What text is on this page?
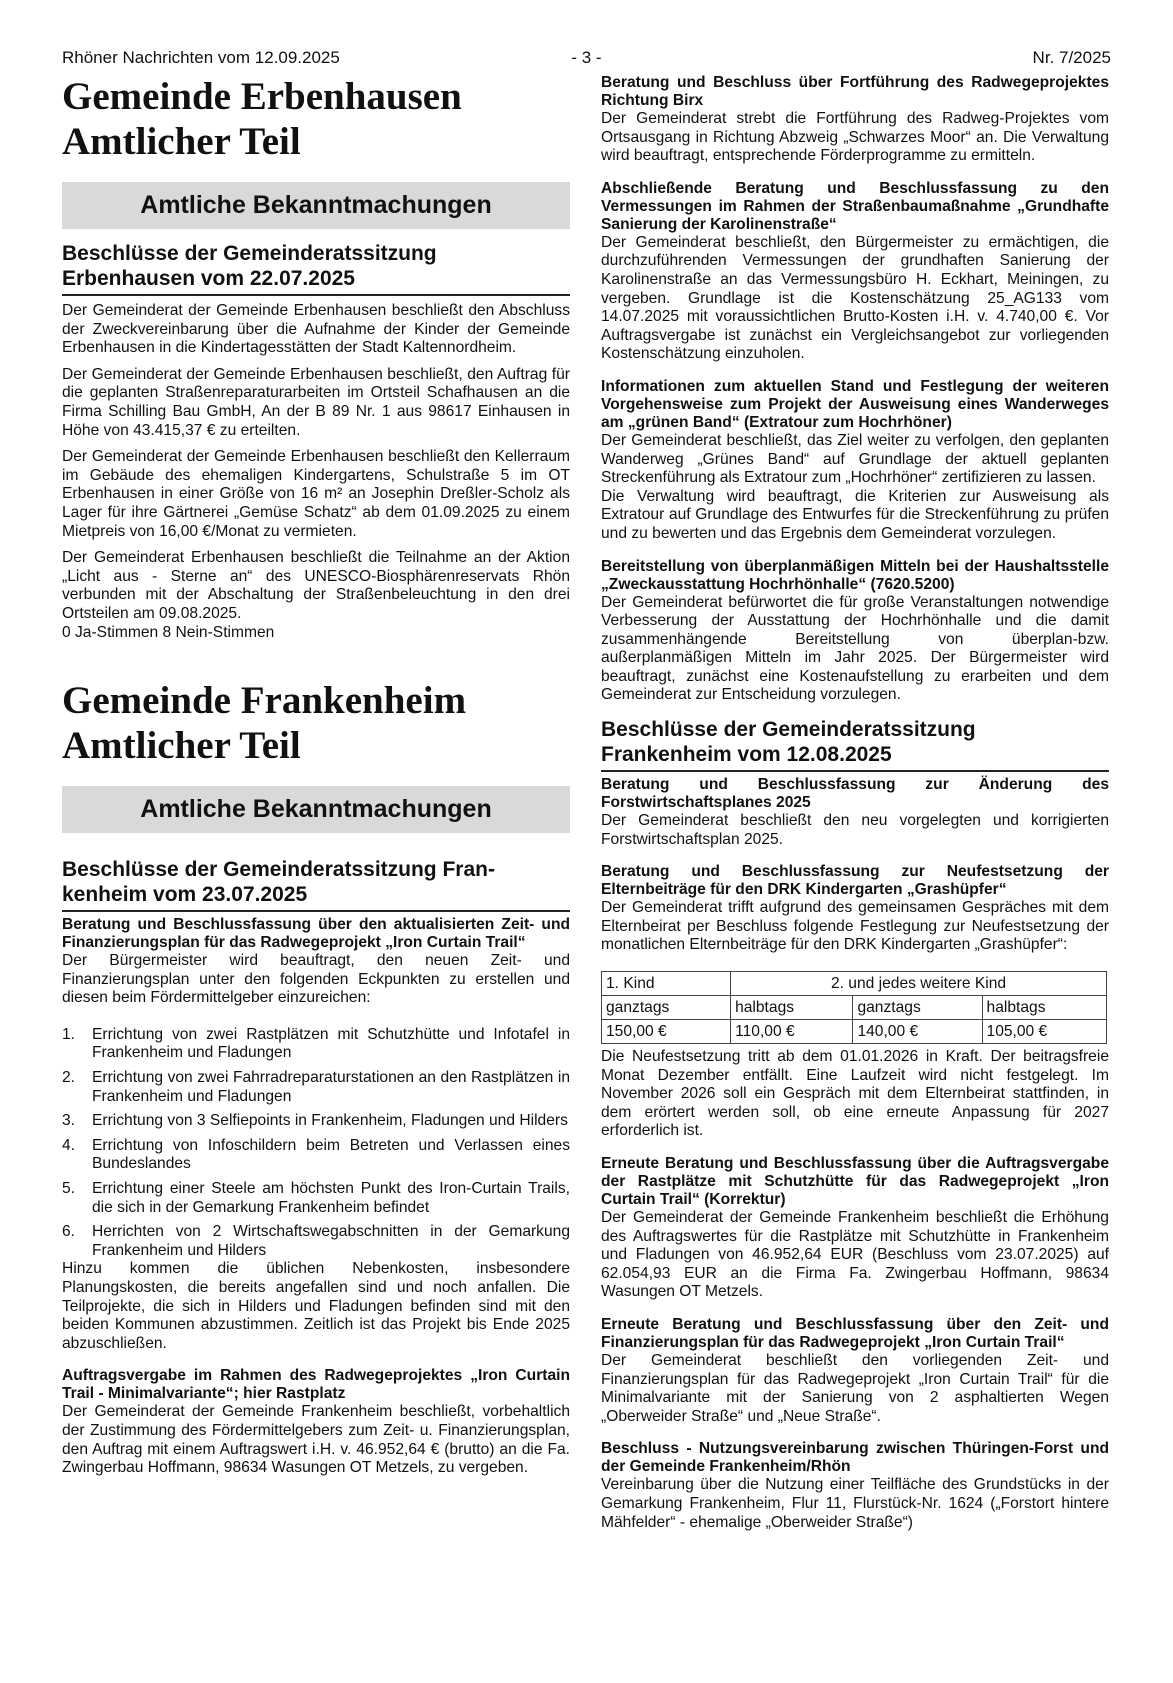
Rhöner Nachrichten vom 12.09.2025	- 3 -	Nr. 7/2025
Gemeinde Erbenhausen
Amtlicher Teil
Amtliche Bekanntmachungen
Beschlüsse der Gemeinderatssitzung
Erbenhausen vom 22.07.2025

Der Gemeinderat der Gemeinde Erbenhausen beschließt den Abschluss der Zweckvereinbarung über die Aufnahme der Kinder der Gemeinde Erbenhausen in die Kindertagesstätten der Stadt Kaltennordheim.

Der Gemeinderat der Gemeinde Erbenhausen beschließt, den Auftrag für die geplanten Straßenreparaturarbeiten im Ortsteil Schafhausen an die Firma Schilling Bau GmbH, An der B 89 Nr. 1 aus 98617 Einhausen in Höhe von 43.415,37 € zu erteilten.

Der Gemeinderat der Gemeinde Erbenhausen beschließt den Kellerraum im Gebäude des ehemaligen Kindergartens, Schulstraße 5 im OT Erbenhausen in einer Größe von 16 m² an Josephin Dreßler-Scholz als Lager für ihre Gärtnerei „Gemüse Schatz“ ab dem 01.09.2025 zu einem Mietpreis von 16,00 €/Monat zu vermieten.

Der Gemeinderat Erbenhausen beschließt die Teilnahme an der Aktion „Licht aus - Sterne an“ des UNESCO-Biosphärenreservats Rhön verbunden mit der Abschaltung der Straßenbeleuchtung in den drei Ortsteilen am 09.08.2025.

0 Ja-Stimmen 8 Nein-Stimmen

Gemeinde Frankenheim
Amtlicher Teil
Amtliche Bekanntmachungen
Beschlüsse der Gemeinderatssitzung Fran-
kenheim vom 23.07.2025

Beratung und Beschlussfassung über den aktualisierten Zeit- und Finanzierungsplan für das Radwegeprojekt „Iron Curtain Trail“

Der Bürgermeister wird beauftragt, den neuen Zeit- und Finanzierungsplan unter den folgenden Eckpunkten zu erstellen und diesen beim Fördermittelgeber einzureichen:

1. Errichtung von zwei Rastplätzen mit Schutzhütte und Infotafel in Frankenheim und Fladungen
2. Errichtung von zwei Fahrradreparaturstationen an den Rastplätzen in Frankenheim und Fladungen
3. Errichtung von 3 Selfiepoints in Frankenheim, Fladungen und Hilders
4. Errichtung von Infoschildern beim Betreten und Verlassen eines Bundeslandes
5. Errichtung einer Steele am höchsten Punkt des Iron-Curtain Trails, die sich in der Gemarkung Frankenheim befindet
6. Herrichten von 2 Wirtschaftswegabschnitten in der Gemarkung Frankenheim und Hilders

Hinzu kommen die üblichen Nebenkosten, insbesondere Planungskosten, die bereits angefallen sind und noch anfallen. Die Teilprojekte, die sich in Hilders und Fladungen befinden sind mit den beiden Kommunen abzustimmen. Zeitlich ist das Projekt bis Ende 2025 abzuschließen.

Auftragsvergabe im Rahmen des Radwegeprojektes „Iron Curtain Trail - Minimalvariante“; hier Rastplatz

Der Gemeinderat der Gemeinde Frankenheim beschließt, vorbehaltlich der Zustimmung des Fördermittelgebers zum Zeit- u. Finanzierungsplan, den Auftrag mit einem Auftragswert i.H. v. 46.952,64 € (brutto) an die Fa. Zwingerbau Hoffmann, 98634 Wasungen OT Metzels, zu vergeben.

Beratung und Beschluss über Fortführung des Radwegeprojektes Richtung Birx

Der Gemeinderat strebt die Fortführung des Radweg-Projektes vom Ortsausgang in Richtung Abzweig „Schwarzes Moor“ an. Die Verwaltung wird beauftragt, entsprechende Förderprogramme zu ermitteln.

Abschließende Beratung und Beschlussfassung zu den Vermessungen im Rahmen der Straßenbaumaßnahme „Grundhafte Sanierung der Karolinenstraße“

Der Gemeinderat beschließt, den Bürgermeister zu ermächtigen, die durchzuführenden Vermessungen der grundhaften Sanierung der Karolinenstraße an das Vermessungsbüro H. Eckhart, Meiningen, zu vergeben. Grundlage ist die Kostenschätzung 25_AG133 vom 14.07.2025 mit voraussichtlichen Brutto-Kosten i.H. v. 4.740,00 €. Vor Auftragsvergabe ist zunächst ein Vergleichsangebot zur vorliegenden Kostenschätzung einzuholen.

Informationen zum aktuellen Stand und Festlegung der weiteren Vorgehensweise zum Projekt der Ausweisung eines Wanderweges am „grünen Band“ (Extratour zum Hochrhöner)

Der Gemeinderat beschließt, das Ziel weiter zu verfolgen, den geplanten Wanderweg „Grünes Band“ auf Grundlage der aktuell geplanten Streckenführung als Extratour zum „Hochrhöner“ zertifizieren zu lassen.

Die Verwaltung wird beauftragt, die Kriterien zur Ausweisung als Extratour auf Grundlage des Entwurfes für die Streckenführung zu prüfen und zu bewerten und das Ergebnis dem Gemeinderat vorzulegen.

Bereitstellung von überplanmäßigen Mitteln bei der Haushaltsstelle „Zweckausstattung Hochrhönhalle“ (7620.5200)

Der Gemeinderat befürwortet die für große Veranstaltungen notwendige Verbesserung der Ausstattung der Hochrhönhalle und die damit zusammenhängende Bereitstellung von überplan-bzw. außerplanmäßigen Mitteln im Jahr 2025. Der Bürgermeister wird beauftragt, zunächst eine Kostenaufstellung zu erarbeiten und dem Gemeinderat zur Entscheidung vorzulegen.

Beschlüsse der Gemeinderatssitzung
Frankenheim vom 12.08.2025

Beratung und Beschlussfassung zur Änderung des Forstwirtschaftsplanes 2025

Der Gemeinderat beschließt den neu vorgelegten und korrigierten Forstwirtschaftsplan 2025.

Beratung und Beschlussfassung zur Neufestsetzung der Elternbeiträge für den DRK Kindergarten „Grashüpfer“

Der Gemeinderat trifft aufgrund des gemeinsamen Gespräches mit dem Elternbeirat per Beschluss folgende Festlegung zur Neufestsetzung der monatlichen Elternbeiträge für den DRK Kindergarten „Grashüpfer“:

1. Kind	2. und jedes weitere Kind		
ganztags	halbtags	ganztags	halbtags
150,00 €	110,00 €	140,00 €	105,00 €

Die Neufestsetzung tritt ab dem 01.01.2026 in Kraft. Der beitragsfreie Monat Dezember entfällt. Eine Laufzeit wird nicht festgelegt. Im November 2026 soll ein Gespräch mit dem Elternbeirat stattfinden, in dem erörtert werden soll, ob eine erneute Anpassung für 2027 erforderlich ist.

Erneute Beratung und Beschlussfassung über die Auftragsvergabe der Rastplätze mit Schutzhütte für das Radwegeprojekt „Iron Curtain Trail“ (Korrektur)

Der Gemeinderat der Gemeinde Frankenheim beschließt die Erhöhung des Auftragswertes für die Rastplätze mit Schutzhütte in Frankenheim und Fladungen von 46.952,64 EUR (Beschluss vom 23.07.2025) auf 62.054,93 EUR an die Firma Fa. Zwingerbau Hoffmann, 98634 Wasungen OT Metzels.

Erneute Beratung und Beschlussfassung über den Zeit- und Finanzierungsplan für das Radwegeprojekt „Iron Curtain Trail“

Der Gemeinderat beschließt den vorliegenden Zeit- und Finanzierungsplan für das Radwegeprojekt „Iron Curtain Trail“ für die Minimalvariante mit der Sanierung von 2 asphaltierten Wegen „Oberweider Straße“ und „Neue Straße“.

Beschluss - Nutzungsvereinbarung zwischen Thüringen-Forst und der Gemeinde Frankenheim/Rhön

Vereinbarung über die Nutzung einer Teilfläche des Grundstücks in der Gemarkung Frankenheim, Flur 11, Flurstück-Nr. 1624 („Forstort hintere Mähfelder“ - ehemalige „Oberweider Straße“)
